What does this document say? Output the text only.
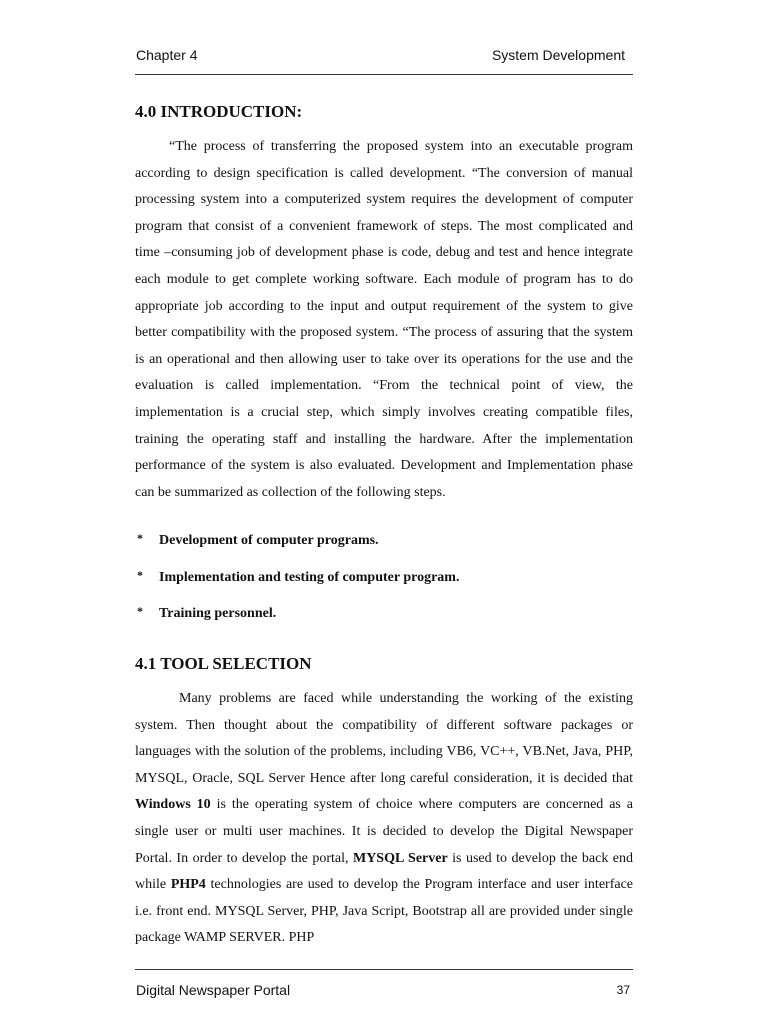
Chapter 4	System Development
4.0 INTRODUCTION:
“The process of transferring the proposed system into an executable program according to design specification is called development. “The conversion of manual processing system into a computerized system requires the development of computer program that consist of a convenient framework of steps. The most complicated and time –consuming job of development phase is code, debug and test and hence integrate each module to get complete working software. Each module of program has to do appropriate job according to the input and output requirement of the system to give better compatibility with the proposed system. “The process of assuring that the system is an operational and then allowing user to take over its operations for the use and the evaluation is called implementation. “From the technical point of view, the implementation is a crucial step, which simply involves creating compatible files, training the operating staff and installing the hardware. After the implementation performance of the system is also evaluated. Development and Implementation phase can be summarized as collection of the following steps.
* Development of computer programs.
* Implementation and testing of computer program.
* Training personnel.
4.1 TOOL SELECTION
Many problems are faced while understanding the working of the existing system. Then thought about the compatibility of different software packages or languages with the solution of the problems, including VB6, VC++, VB.Net, Java, PHP, MYSQL, Oracle, SQL Server Hence after long careful consideration, it is decided that Windows 10 is the operating system of choice where computers are concerned as a single user or multi user machines. It is decided to develop the Digital Newspaper Portal. In order to develop the portal, MYSQL Server is used to develop the back end while PHP4 technologies are used to develop the Program interface and user interface i.e. front end. MYSQL Server, PHP, Java Script, Bootstrap all are provided under single package WAMP SERVER. PHP
Digital Newspaper Portal	37
